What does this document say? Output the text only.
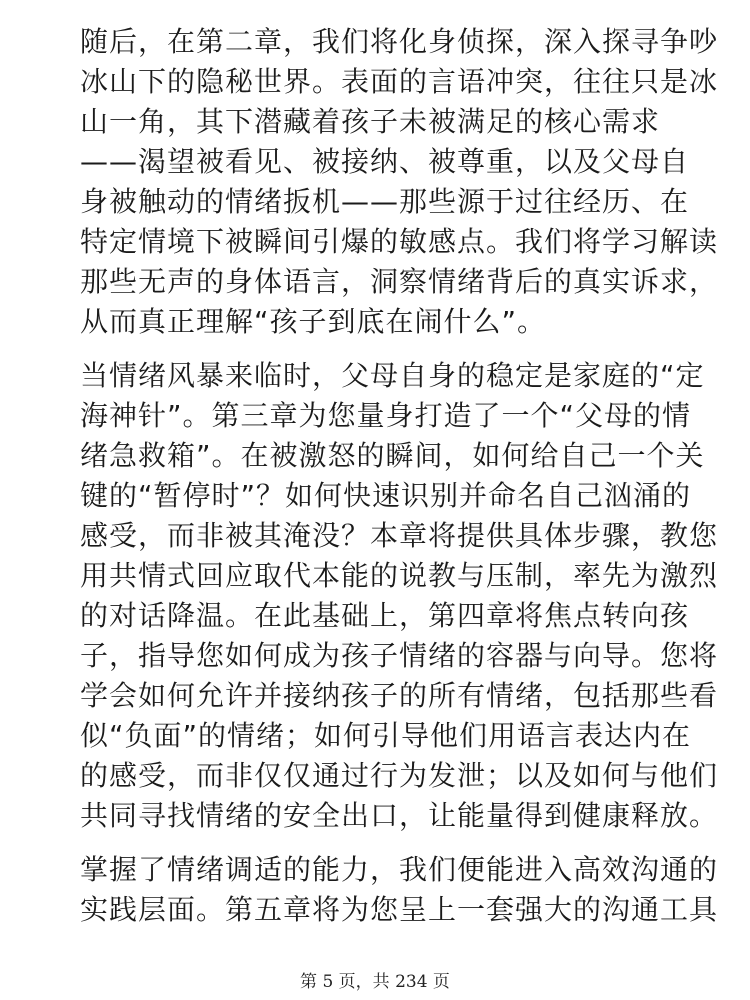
随后，在第二章，我们将化身侦探，深入探寻争吵
冰山下的隐秘世界。表面的言语冲突，往往只是冰
山一角，其下潜藏着孩子未被满足的核心需求
——渴望被看见、被接纳、被尊重，以及父母自
身被触动的情绪扳机——那些源于过往经历、在
特定情境下被瞬间引爆的敏感点。我们将学习解读
那些无声的身体语言，洞察情绪背后的真实诉求，
从而真正理解“孩子到底在闹什么”。
当情绪风暴来临时，父母自身的稳定是家庭的“定
海神针”。第三章为您量身打造了一个“父母的情
绪急救箱”。在被激怒的瞬间，如何给自己一个关
键的“暂停时”？如何快速识别并命名自己汹涌的
感受，而非被其淹没？本章将提供具体步骤，教您
用共情式回应取代本能的说教与压制，率先为激烈
的对话降温。在此基础上，第四章将焦点转向孩
子，指导您如何成为孩子情绪的容器与向导。您将
学会如何允许并接纳孩子的所有情绪，包括那些看
似“负面”的情绪；如何引导他们用语言表达内在
的感受，而非仅仅通过行为发泄；以及如何与他们
共同寻找情绪的安全出口，让能量得到健康释放。
掌握了情绪调适的能力，我们便能进入高效沟通的
实践层面。第五章将为您呈上一套强大的沟通工具
第 5 页，共 234 页
